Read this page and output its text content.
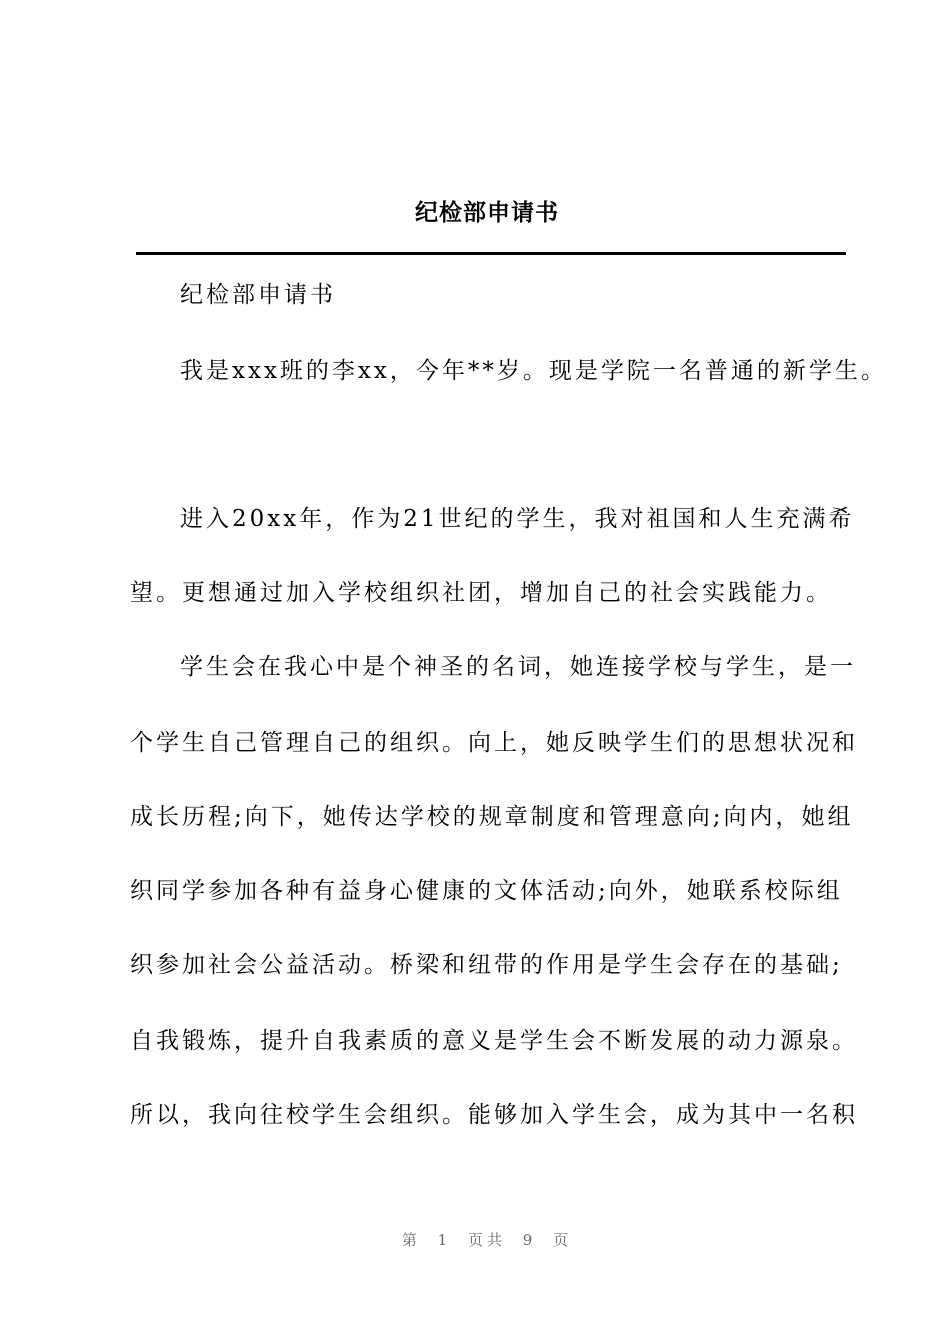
纪检部申请书
纪检部申请书
我是xxx班的李xx，今年**岁。现是学院一名普通的新学生。
进入20xx年，作为21世纪的学生，我对祖国和人生充满希
望。更想通过加入学校组织社团，增加自己的社会实践能力。
学生会在我心中是个神圣的名词，她连接学校与学生，是一
个学生自己管理自己的组织。向上，她反映学生们的思想状况和
成长历程;向下，她传达学校的规章制度和管理意向;向内，她组
织同学参加各种有益身心健康的文体活动;向外，她联系校际组
织参加社会公益活动。桥梁和纽带的作用是学生会存在的基础;
自我锻炼，提升自我素质的意义是学生会不断发展的动力源泉。
所以，我向往校学生会组织。能够加入学生会，成为其中一名积
第 1 页共 9 页
